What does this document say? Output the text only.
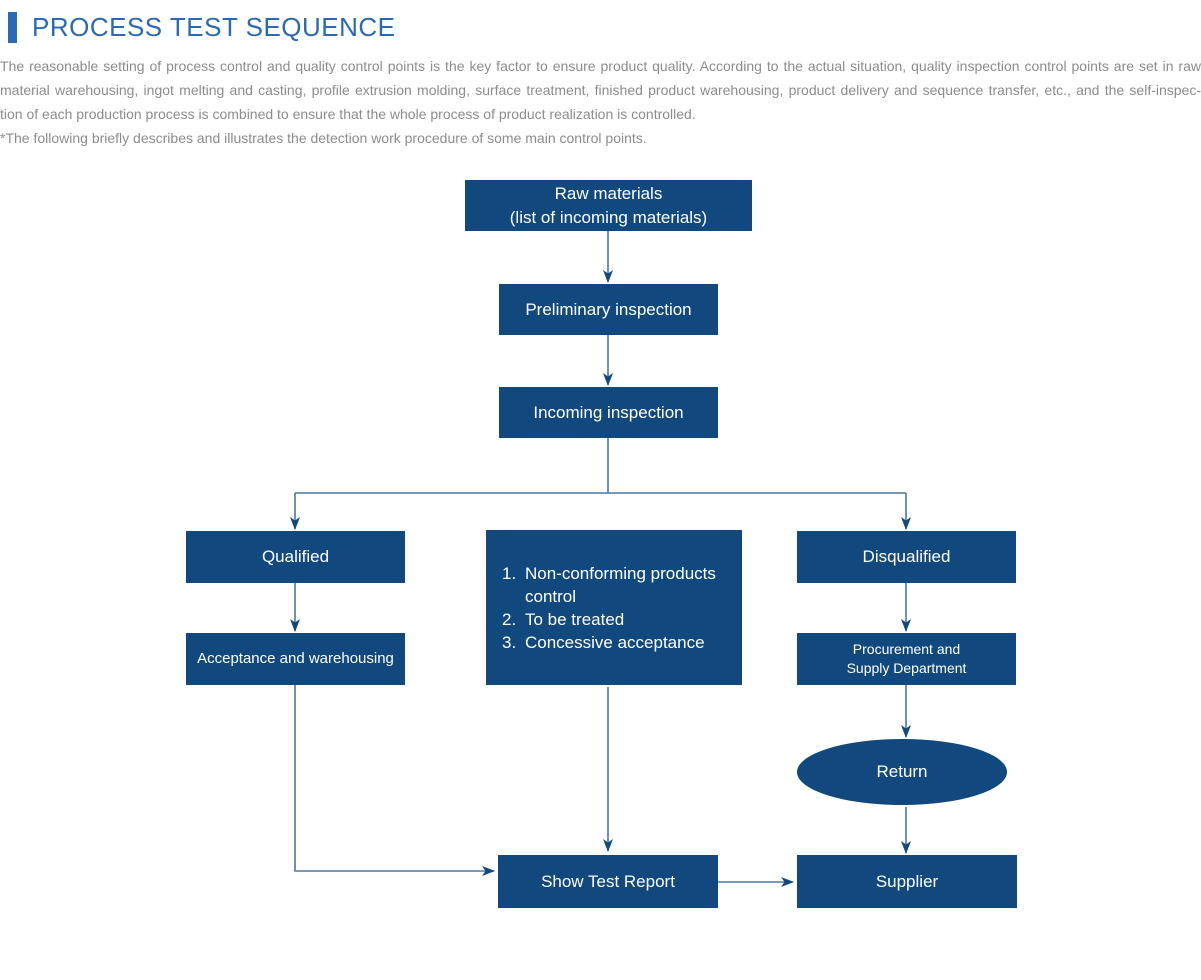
PROCESS TEST SEQUENCE
The reasonable setting of process control and quality control points is the key factor to ensure product quality. According to the actual situation, quality inspection control points are set in raw
material warehousing, ingot melting and casting, profile extrusion molding, surface treatment, finished product warehousing, product delivery and sequence transfer, etc., and the self-inspec-
tion of each production process is combined to ensure that the whole process of product realization is controlled.
*The following briefly describes and illustrates the detection work procedure of some main control points.
Raw materials
(list of incoming materials)
Preliminary inspection
Incoming inspection
Qualified
1. Non-conforming products control
2. To be treated
3. Concessive acceptance
Disqualified
Acceptance and warehousing
Procurement and
Supply Department
Return
Show Test Report	Supplier
